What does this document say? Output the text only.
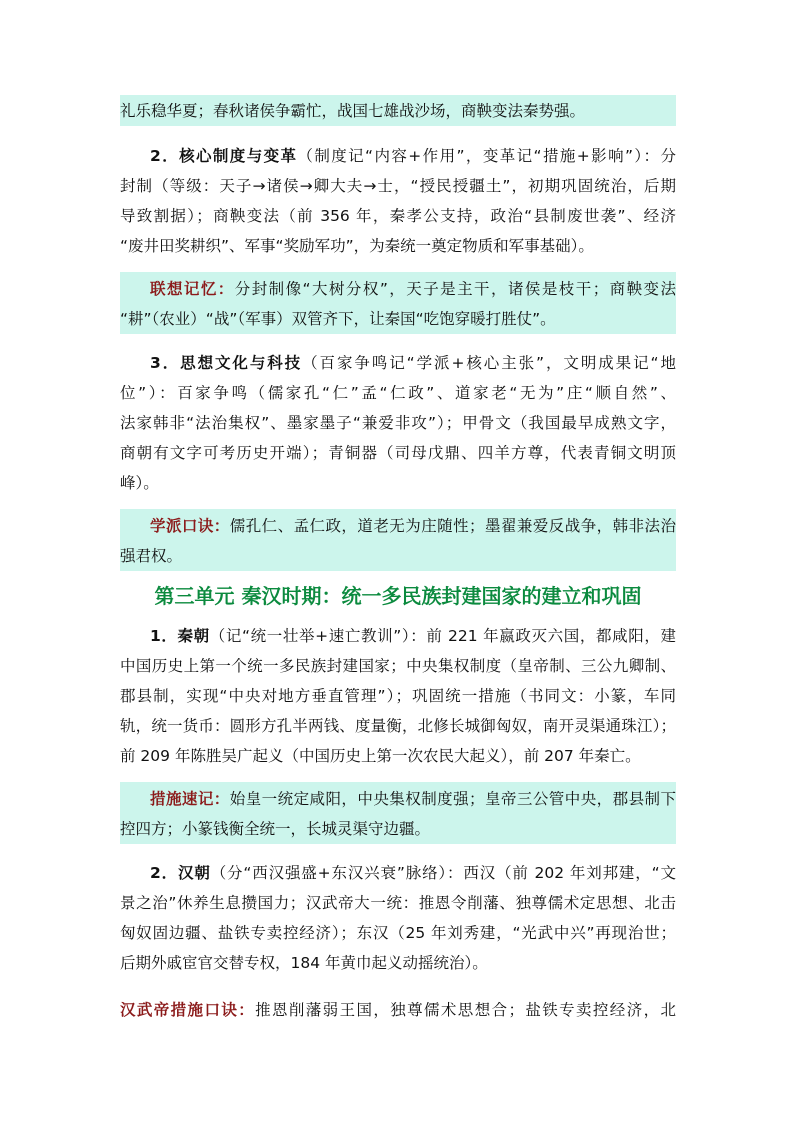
礼乐稳华夏；春秋诸侯争霸忙，战国七雄战沙场，商鞅变法秦势强。
2．核心制度与变革（制度记“内容+作用”，变革记“措施+影响”）：分
封制（等级：天子→诸侯→卿大夫→士，“授民授疆土”，初期巩固统治，后期
导致割据）；商鞅变法（前 356 年，秦孝公支持，政治“县制废世袭”、经济
“废井田奖耕织”、军事“奖励军功”，为秦统一奠定物质和军事基础）。
联想记忆：分封制像“大树分权”，天子是主干，诸侯是枝干；商鞅变法
“耕”（农业）“战”（军事）双管齐下，让秦国“吃饱穿暖打胜仗”。
3．思想文化与科技（百家争鸣记“学派+核心主张”，文明成果记“地
位”）：百家争鸣（儒家孔“仁”孟“仁政”、道家老“无为”庄“顺自然”、
法家韩非“法治集权”、墨家墨子“兼爱非攻”）；甲骨文（我国最早成熟文字，
商朝有文字可考历史开端）；青铜器（司母戊鼎、四羊方尊，代表青铜文明顶
峰）。
学派口诀：儒孔仁、孟仁政，道老无为庄随性；墨翟兼爱反战争，韩非法治
强君权。
第三单元 秦汉时期：统一多民族封建国家的建立和巩固
1．秦朝（记“统一壮举+速亡教训”）：前 221 年嬴政灭六国，都咸阳，建
中国历史上第一个统一多民族封建国家；中央集权制度（皇帝制、三公九卿制、
郡县制，实现“中央对地方垂直管理”）；巩固统一措施（书同文：小篆，车同
轨，统一货币：圆形方孔半两钱、度量衡，北修长城御匈奴，南开灵渠通珠江）；
前 209 年陈胜吴广起义（中国历史上第一次农民大起义），前 207 年秦亡。
措施速记：始皇一统定咸阳，中央集权制度强；皇帝三公管中央，郡县制下
控四方；小篆钱衡全统一，长城灵渠守边疆。
2．汉朝（分“西汉强盛+东汉兴衰”脉络）：西汉（前 202 年刘邦建，“文
景之治”休养生息攒国力；汉武帝大一统：推恩令削藩、独尊儒术定思想、北击
匈奴固边疆、盐铁专卖控经济）；东汉（25 年刘秀建，“光武中兴”再现治世；
后期外戚宦官交替专权，184 年黄巾起义动摇统治）。
汉武帝措施口诀：推恩削藩弱王国，独尊儒术思想合；盐铁专卖控经济，北
